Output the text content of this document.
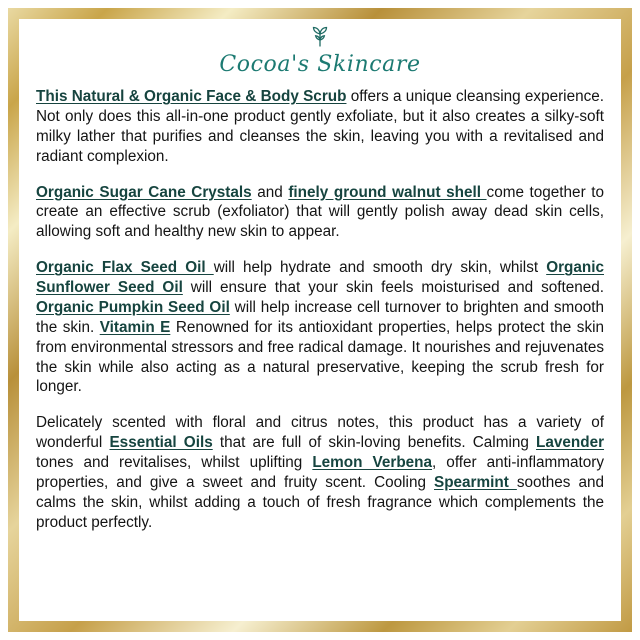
Cocoa's Skincare

This Natural & Organic Face & Body Scrub offers a unique cleansing experience. Not only does this all-in-one product gently exfoliate, but it also creates a silky-soft milky lather that purifies and cleanses the skin, leaving you with a revitalised and radiant complexion.

Organic Sugar Cane Crystals and finely ground walnut shell come together to create an effective scrub (exfoliator) that will gently polish away dead skin cells, allowing soft and healthy new skin to appear.

Organic Flax Seed Oil will help hydrate and smooth dry skin, whilst Organic Sunflower Seed Oil will ensure that your skin feels moisturised and softened. Organic Pumpkin Seed Oil will help increase cell turnover to brighten and smooth the skin. Vitamin E Renowned for its antioxidant properties, helps protect the skin from environmental stressors and free radical damage. It nourishes and rejuvenates the skin while also acting as a natural preservative, keeping the scrub fresh for longer.

Delicately scented with floral and citrus notes, this product has a variety of wonderful Essential Oils that are full of skin-loving benefits. Calming Lavender tones and revitalises, whilst uplifting Lemon Verbena, offer anti-inflammatory properties, and give a sweet and fruity scent. Cooling Spearmint soothes and calms the skin, whilst adding a touch of fresh fragrance which complements the product perfectly.
